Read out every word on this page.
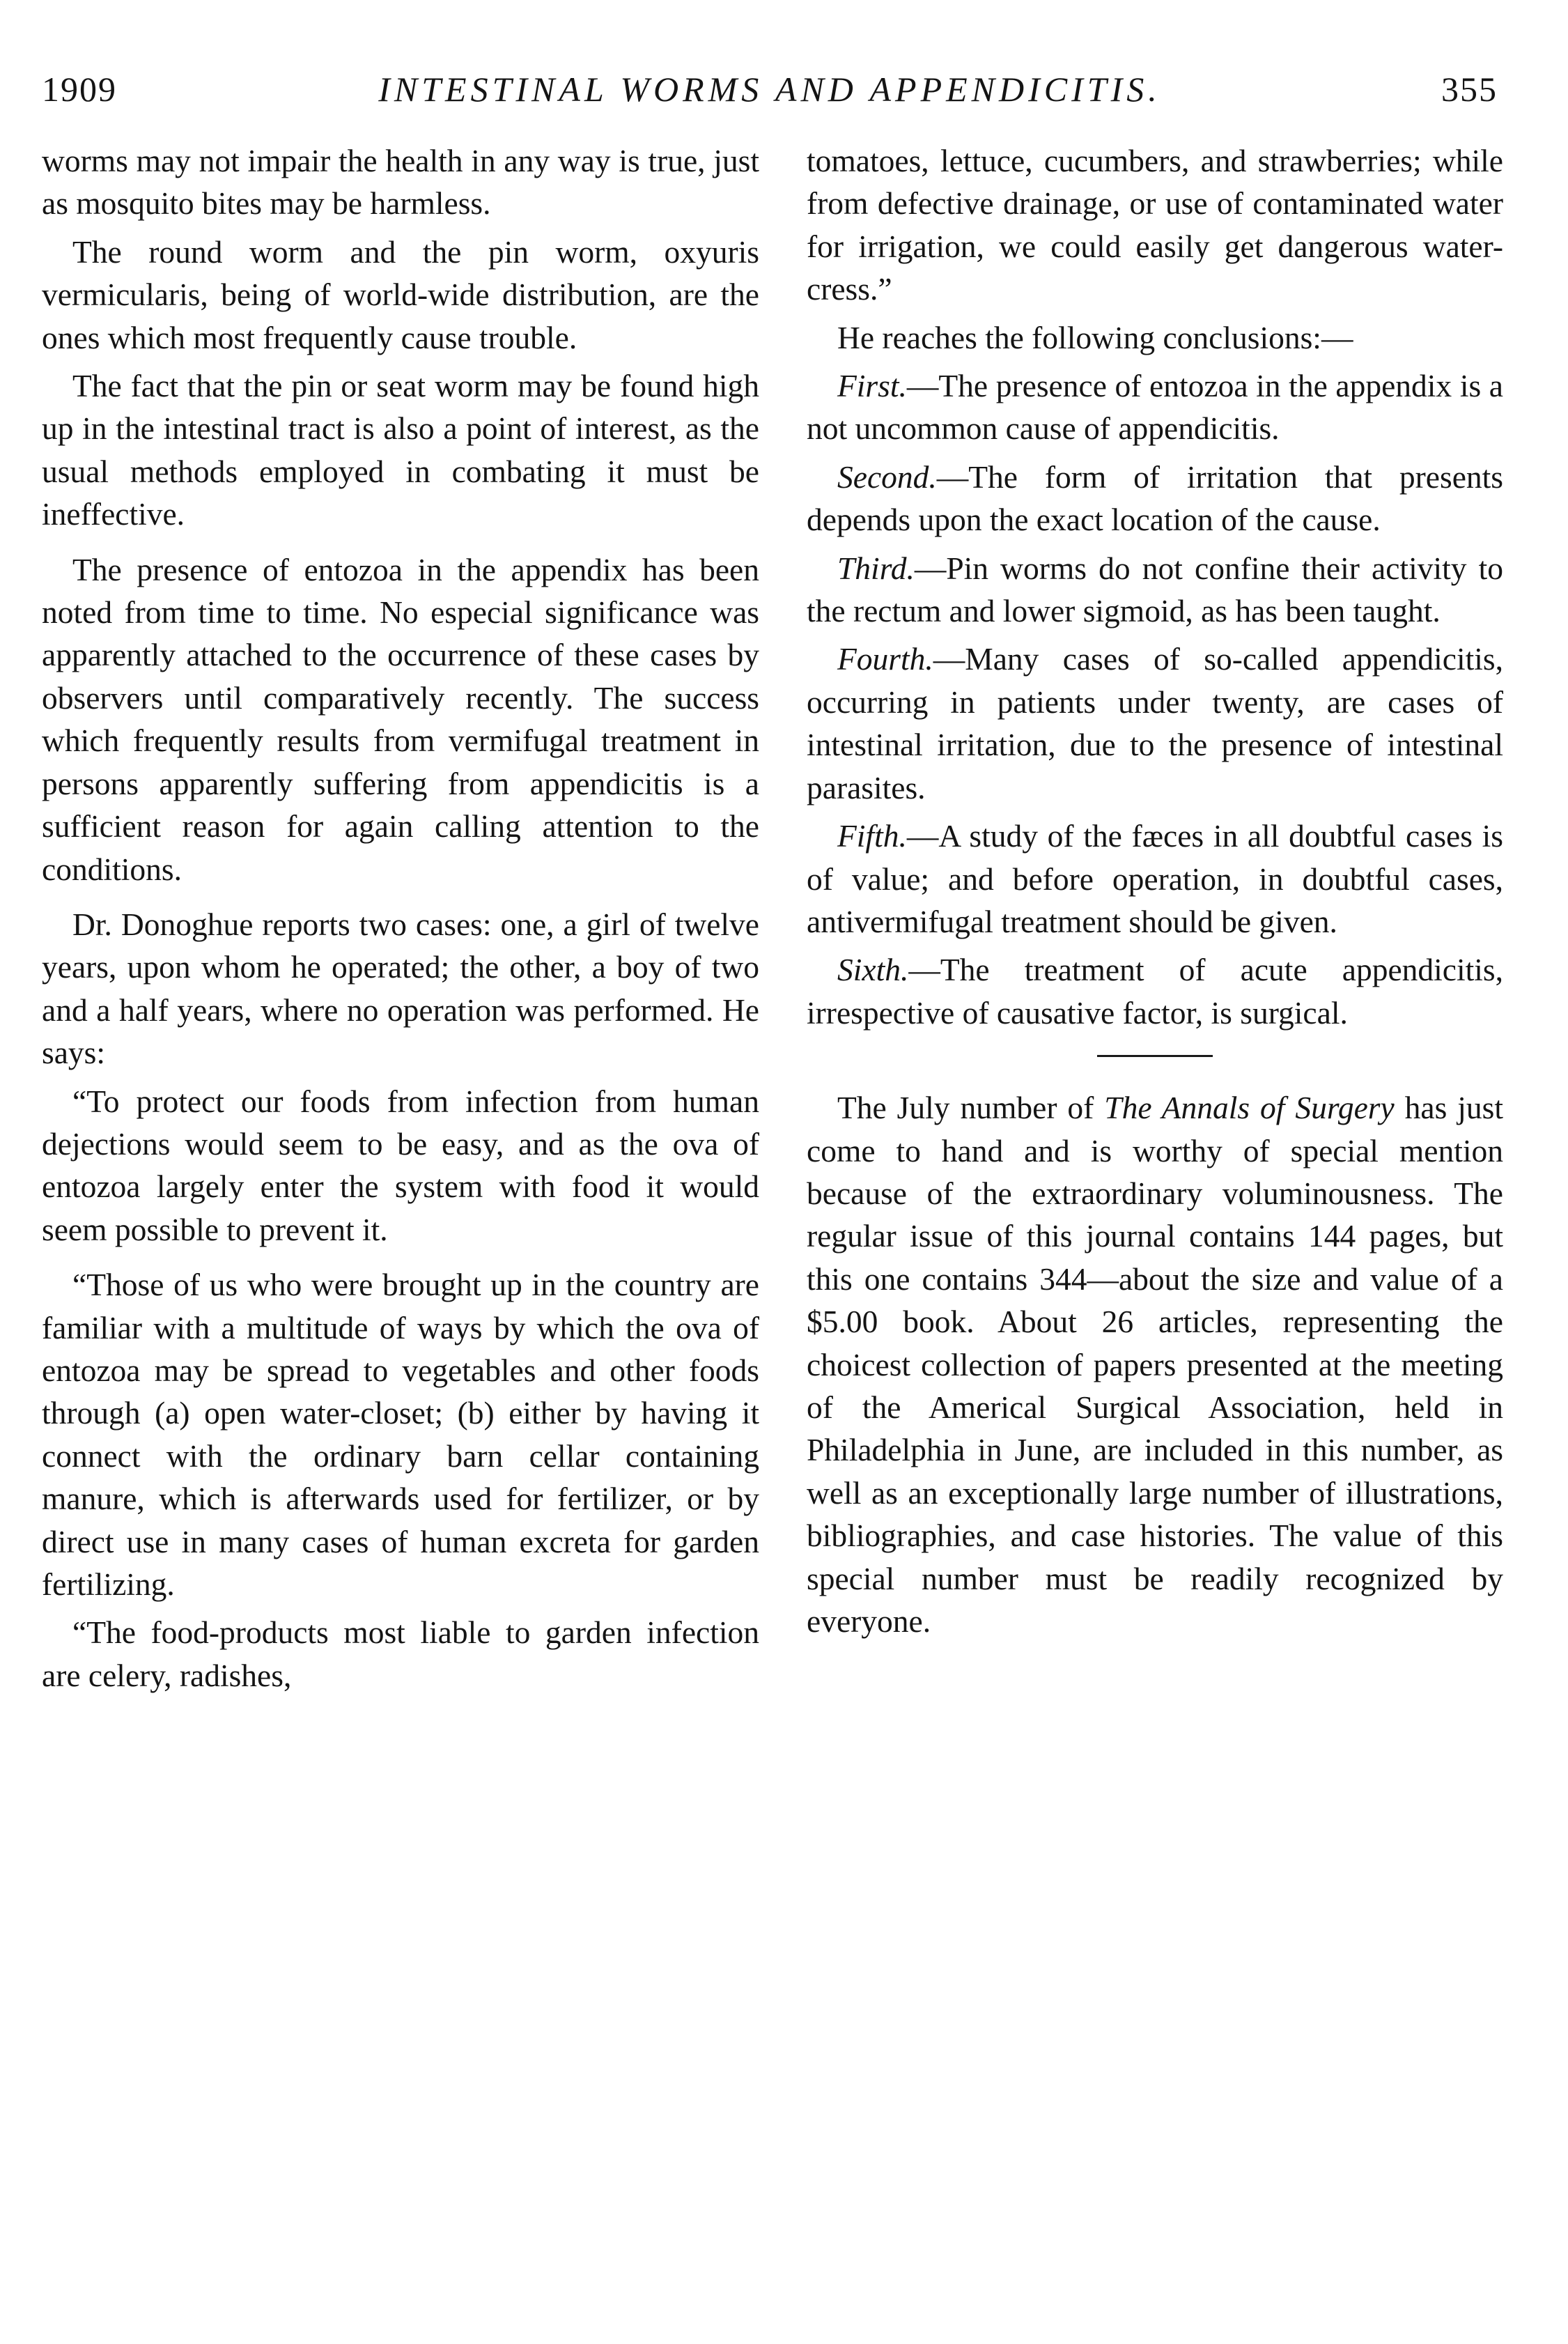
1909	INTESTINAL WORMS AND APPENDICITIS.	355

worms may not impair the health in any way is true, just as mosquito bites may be harmless.

The round worm and the pin worm, oxyuris vermicularis, being of world-wide distribution, are the ones which most frequently cause trouble.

The fact that the pin or seat worm may be found high up in the intestinal tract is also a point of interest, as the usual methods employed in combating it must be ineffective.

The presence of entozoa in the appendix has been noted from time to time. No especial significance was apparently attached to the occurrence of these cases by observers until comparatively recently. The success which frequently results from vermifugal treatment in persons apparently suffering from appendicitis is a sufficient reason for again calling attention to the conditions.

Dr. Donoghue reports two cases: one, a girl of twelve years, upon whom he operated; the other, a boy of two and a half years, where no operation was performed. He says:

“To protect our foods from infection from human dejections would seem to be easy, and as the ova of entozoa largely enter the system with food it would seem possible to prevent it.

“Those of us who were brought up in the country are familiar with a multitude of ways by which the ova of entozoa may be spread to vegetables and other foods through (a) open water-closet; (b) either by having it connect with the ordinary barn cellar containing manure, which is afterwards used for fertilizer, or by direct use in many cases of human excreta for garden fertilizing.

“The food-products most liable to garden infection are celery, radishes,

tomatoes, lettuce, cucumbers, and strawberries; while from defective drainage, or use of contaminated water for irrigation, we could easily get dangerous water-cress.”

He reaches the following conclusions:—

First.—The presence of entozoa in the appendix is a not uncommon cause of appendicitis.

Second.—The form of irritation that presents depends upon the exact location of the cause.

Third.—Pin worms do not confine their activity to the rectum and lower sigmoid, as has been taught.

Fourth.—Many cases of so-called appendicitis, occurring in patients under twenty, are cases of intestinal irritation, due to the presence of intestinal parasites.

Fifth.—A study of the fæces in all doubtful cases is of value; and before operation, in doubtful cases, antivermifugal treatment should be given.

Sixth.—The treatment of acute appendicitis, irrespective of causative factor, is surgical.

The July number of The Annals of Surgery has just come to hand and is worthy of special mention because of the extraordinary voluminousness. The regular issue of this journal contains 144 pages, but this one contains 344—about the size and value of a $5.00 book. About 26 articles, representing the choicest collection of papers presented at the meeting of the Americal Surgical Association, held in Philadelphia in June, are included in this number, as well as an exceptionally large number of illustrations, bibliographies, and case histories. The value of this special number must be readily recognized by everyone.
